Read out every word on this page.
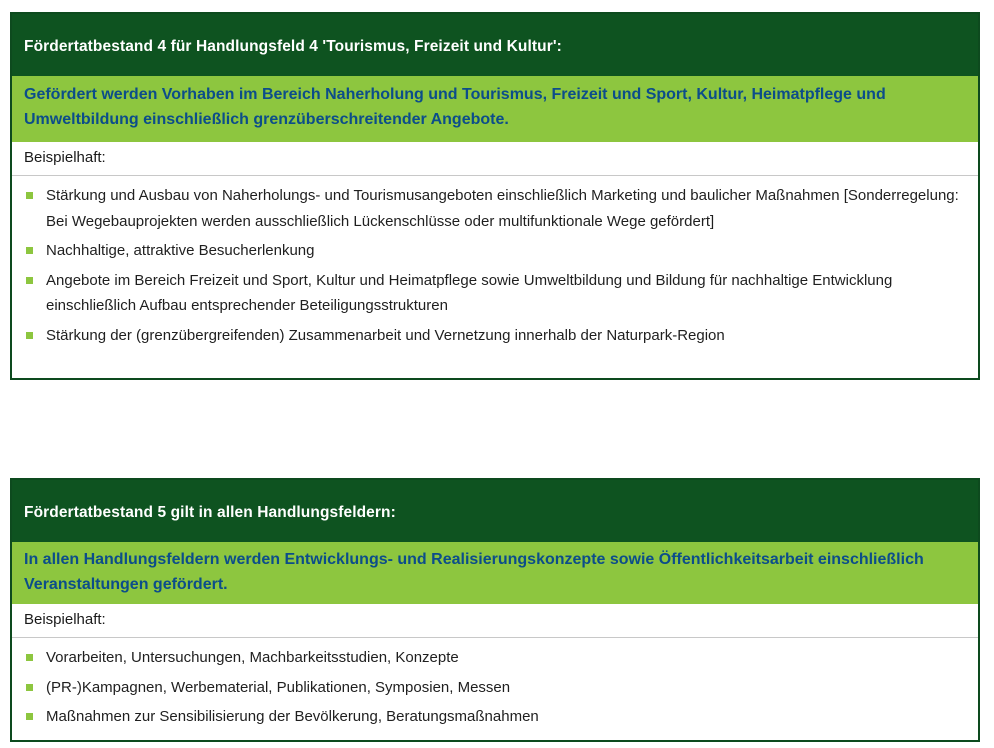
Fördertatbestand 4 für Handlungsfeld 4 'Tourismus, Freizeit und Kultur':
Gefördert werden Vorhaben im Bereich Naherholung und Tourismus, Freizeit und Sport, Kultur, Heimatpflege und Umweltbildung einschließlich grenzüberschreitender Angebote.
Beispielhaft:
Stärkung und Ausbau von Naherholungs- und Tourismusangeboten einschließlich Marketing und baulicher Maßnahmen [Sonderregelung: Bei Wegebauprojekten werden ausschließlich Lückenschlüsse oder multifunktionale Wege gefördert]
Nachhaltige, attraktive Besucherlenkung
Angebote im Bereich Freizeit und Sport, Kultur und Heimatpflege sowie Umweltbildung und Bildung für nachhaltige Entwicklung einschließlich Aufbau entsprechender Beteiligungsstrukturen
Stärkung der (grenzübergreifenden) Zusammenarbeit und Vernetzung innerhalb der Naturpark-Region
Fördertatbestand 5 gilt in allen Handlungsfeldern:
In allen Handlungsfeldern werden Entwicklungs- und Realisierungskonzepte sowie Öffentlichkeitsarbeit einschließlich Veranstaltungen gefördert.
Beispielhaft:
Vorarbeiten, Untersuchungen, Machbarkeitsstudien, Konzepte
(PR-)Kampagnen, Werbematerial, Publikationen, Symposien, Messen
Maßnahmen zur Sensibilisierung der Bevölkerung, Beratungsmaßnahmen
